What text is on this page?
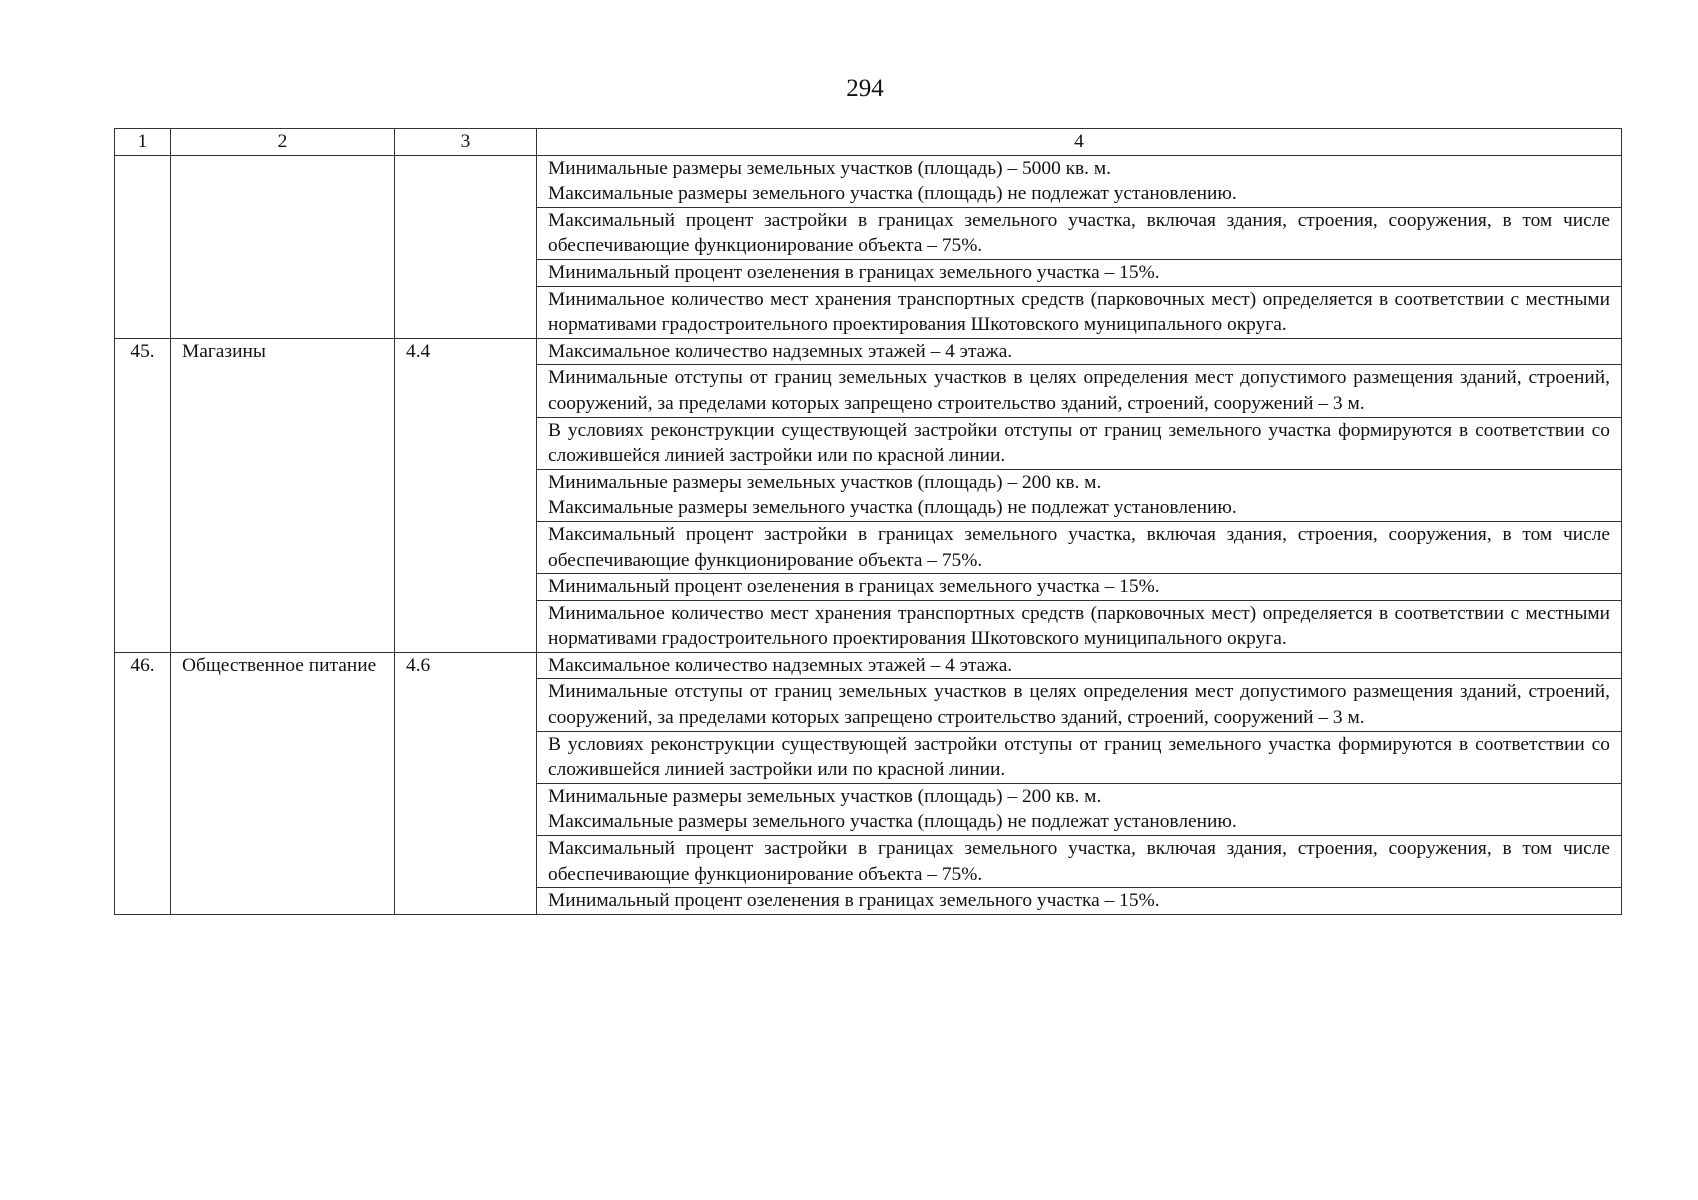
294
1	2	3	4

			Минимальные размеры земельных участков (площадь) – 5000 кв. м.
Максимальные размеры земельного участка (площадь) не подлежат установлению.

			Максимальный процент застройки в границах земельного участка, включая здания, строения, сооружения, в том числе обеспечивающие функционирование объекта – 75%.

			Минимальный процент озеленения в границах земельного участка – 15%.

			Минимальное количество мест хранения транспортных средств (парковочных мест) определяется в соответствии с местными нормативами градостроительного проектирования Шкотовского муниципального округа.

45.	Магазины	4.4	Максимальное количество надземных этажей – 4 этажа.

			Минимальные отступы от границ земельных участков в целях определения мест допустимого размещения зданий, строений, сооружений, за пределами которых запрещено строительство зданий, строений, сооружений – 3 м.

			В условиях реконструкции существующей застройки отступы от границ земельного участка формируются в соответствии со сложившейся линией застройки или по красной линии.

			Минимальные размеры земельных участков (площадь) – 200 кв. м.
Максимальные размеры земельного участка (площадь) не подлежат установлению.

			Максимальный процент застройки в границах земельного участка, включая здания, строения, сооружения, в том числе обеспечивающие функционирование объекта – 75%.

			Минимальный процент озеленения в границах земельного участка – 15%.

			Минимальное количество мест хранения транспортных средств (парковочных мест) определяется в соответствии с местными нормативами градостроительного проектирования Шкотовского муниципального округа.

46.	Общественное питание	4.6	Максимальное количество надземных этажей – 4 этажа.

			Минимальные отступы от границ земельных участков в целях определения мест допустимого размещения зданий, строений, сооружений, за пределами которых запрещено строительство зданий, строений, сооружений – 3 м.

			В условиях реконструкции существующей застройки отступы от границ земельного участка формируются в соответствии со сложившейся линией застройки или по красной линии.

			Минимальные размеры земельных участков (площадь) – 200 кв. м.
Максимальные размеры земельного участка (площадь) не подлежат установлению.

			Максимальный процент застройки в границах земельного участка, включая здания, строения, сооружения, в том числе обеспечивающие функционирование объекта – 75%.

			Минимальный процент озеленения в границах земельного участка – 15%.
